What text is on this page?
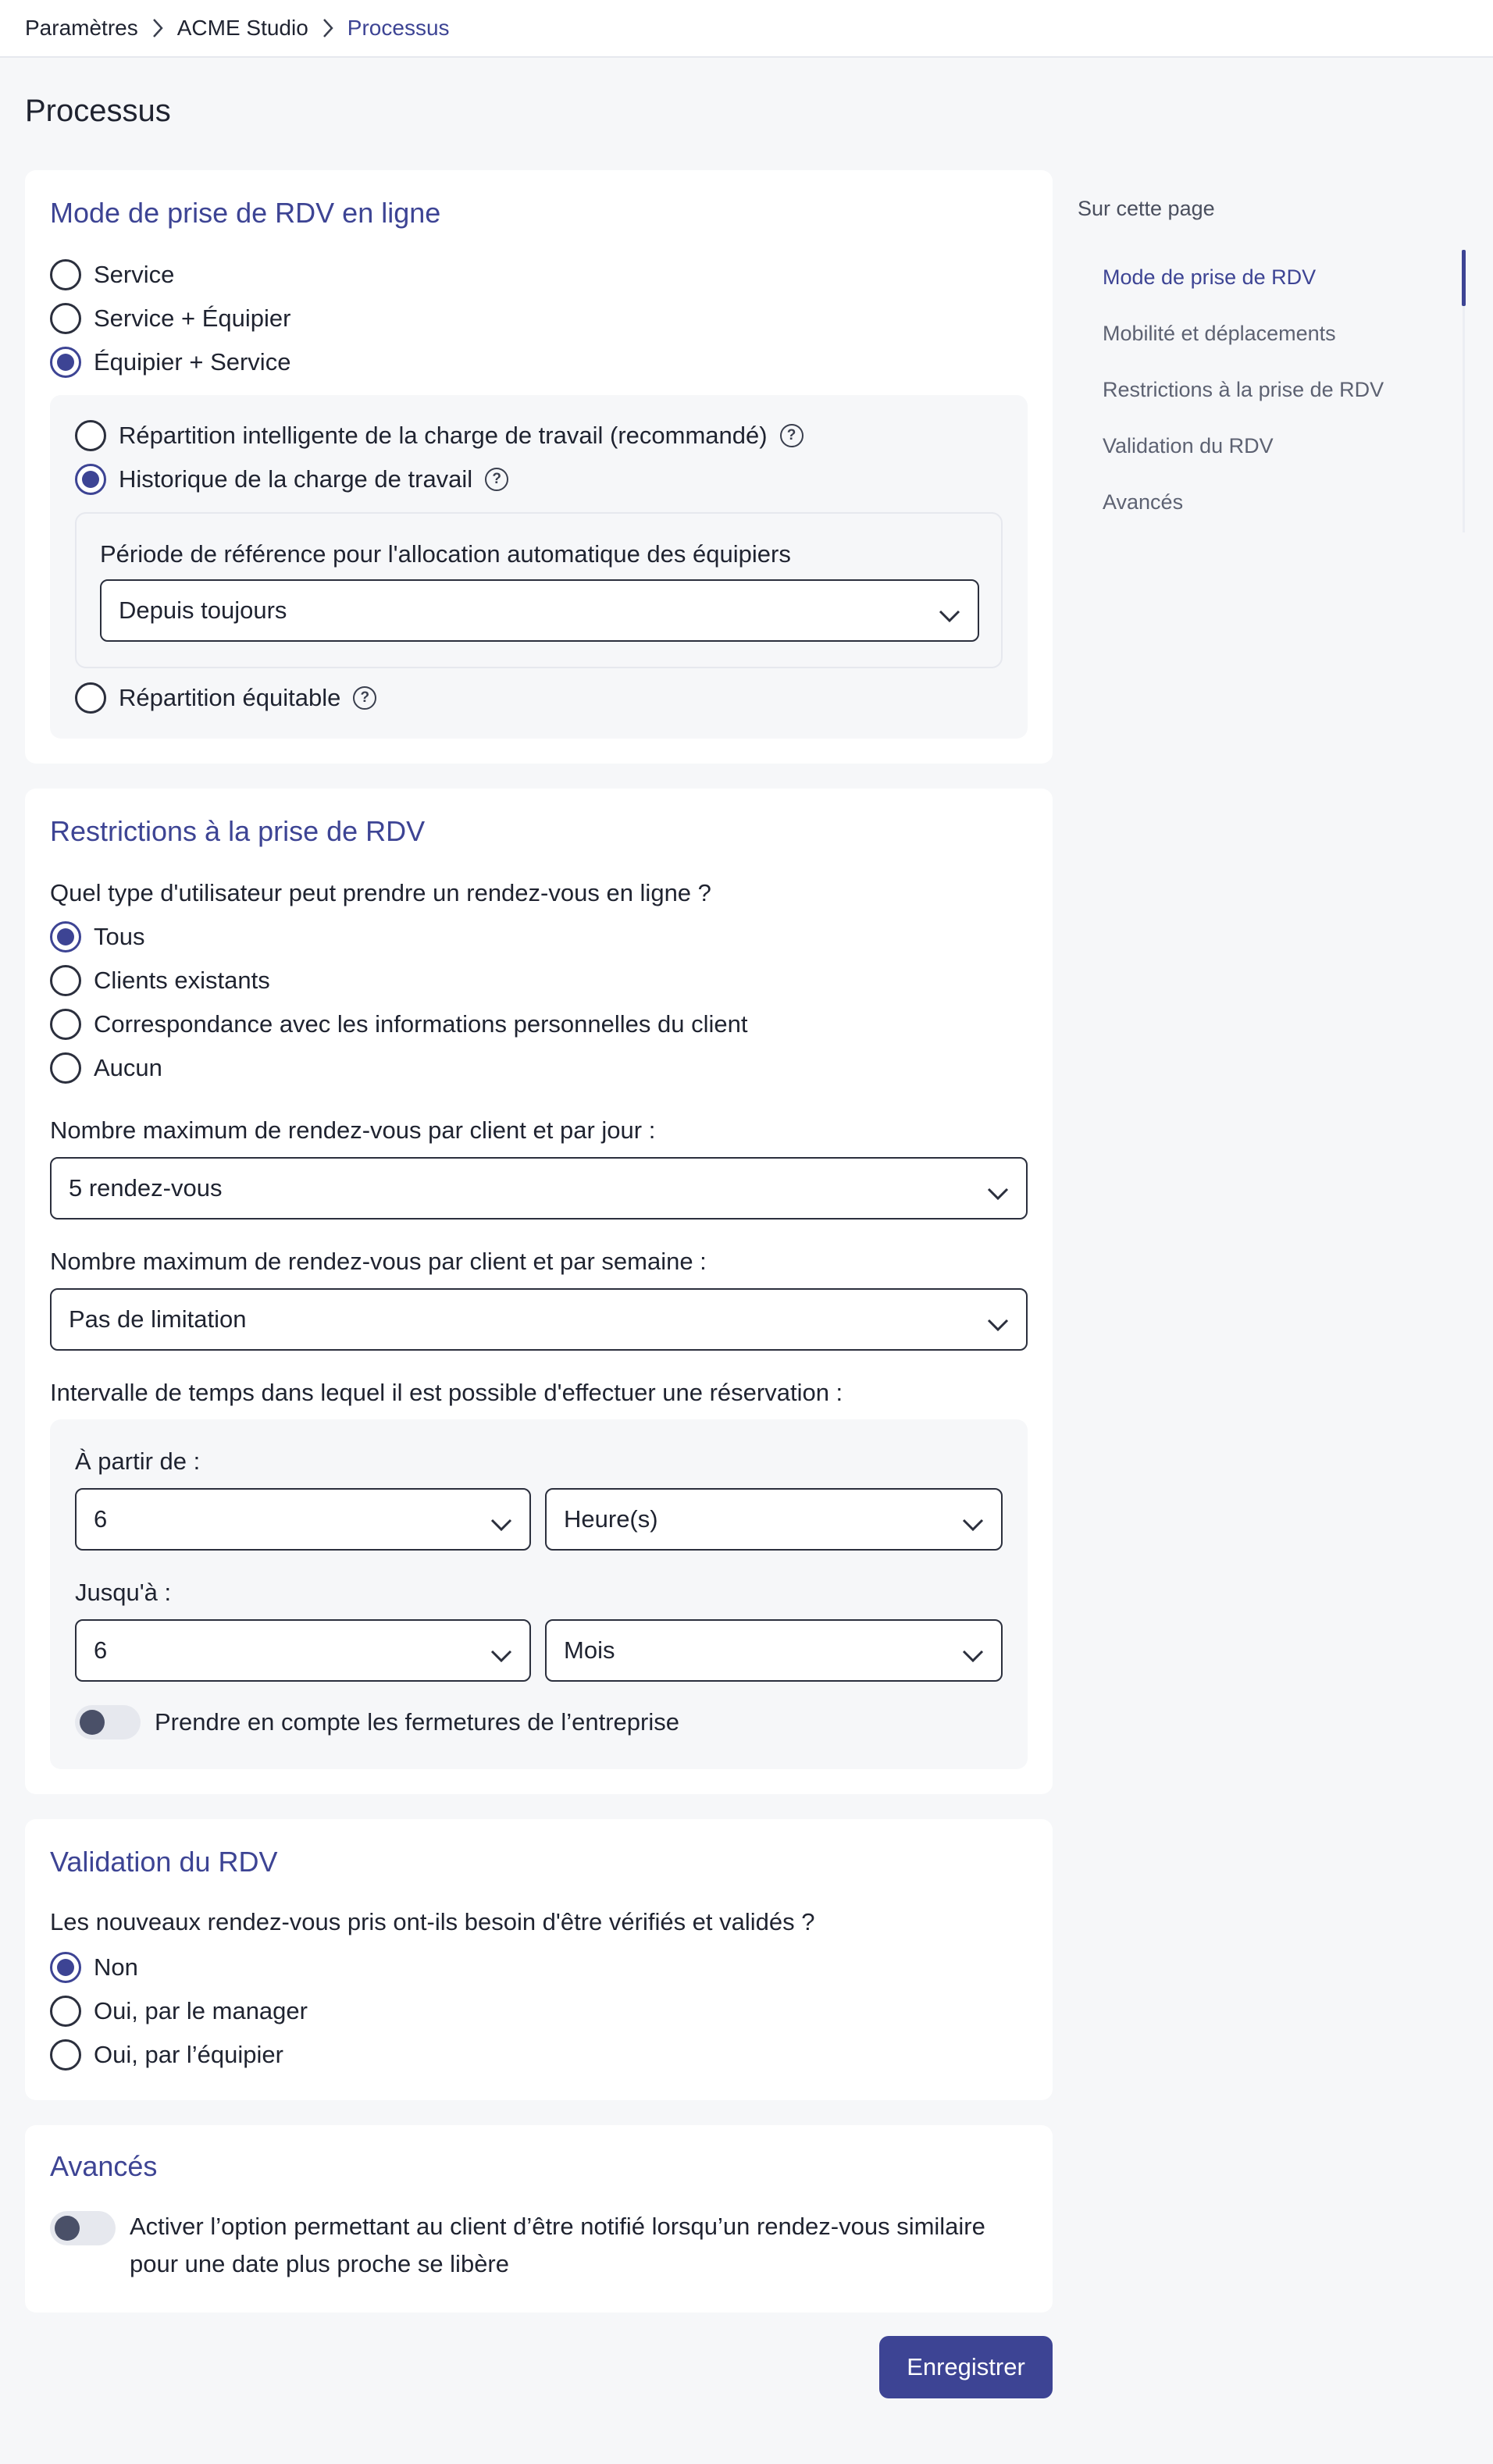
Paramètres ACME Studio Processus
Processus
Mode de prise de RDV en ligne
Service
Service + Équipier
Équipier + Service
Répartition intelligente de la charge de travail (recommandé)	?
Historique de la charge de travail	?
Période de référence pour l'allocation automatique des équipiers
Depuis toujours
Répartition équitable	?
Restrictions à la prise de RDV
Quel type d'utilisateur peut prendre un rendez-vous en ligne ?
Tous
Clients existants
Correspondance avec les informations personnelles du client
Aucun
Nombre maximum de rendez-vous par client et par jour :
5 rendez-vous
Nombre maximum de rendez-vous par client et par semaine :
Pas de limitation
Intervalle de temps dans lequel il est possible d'effectuer une réservation :
À partir de :
6	Heure(s)
Jusqu'à :
6	Mois
Prendre en compte les fermetures de l’entreprise
Validation du RDV
Les nouveaux rendez-vous pris ont-ils besoin d'être vérifiés et validés ?
Non
Oui, par le manager
Oui, par l’équipier
Avancés
Activer l’option permettant au client d’être notifié lorsqu’un rendez-vous similaire pour une date plus proche se libère
Enregistrer
Sur cette page
Mode de prise de RDV
Mobilité et déplacements
Restrictions à la prise de RDV
Validation du RDV
Avancés
